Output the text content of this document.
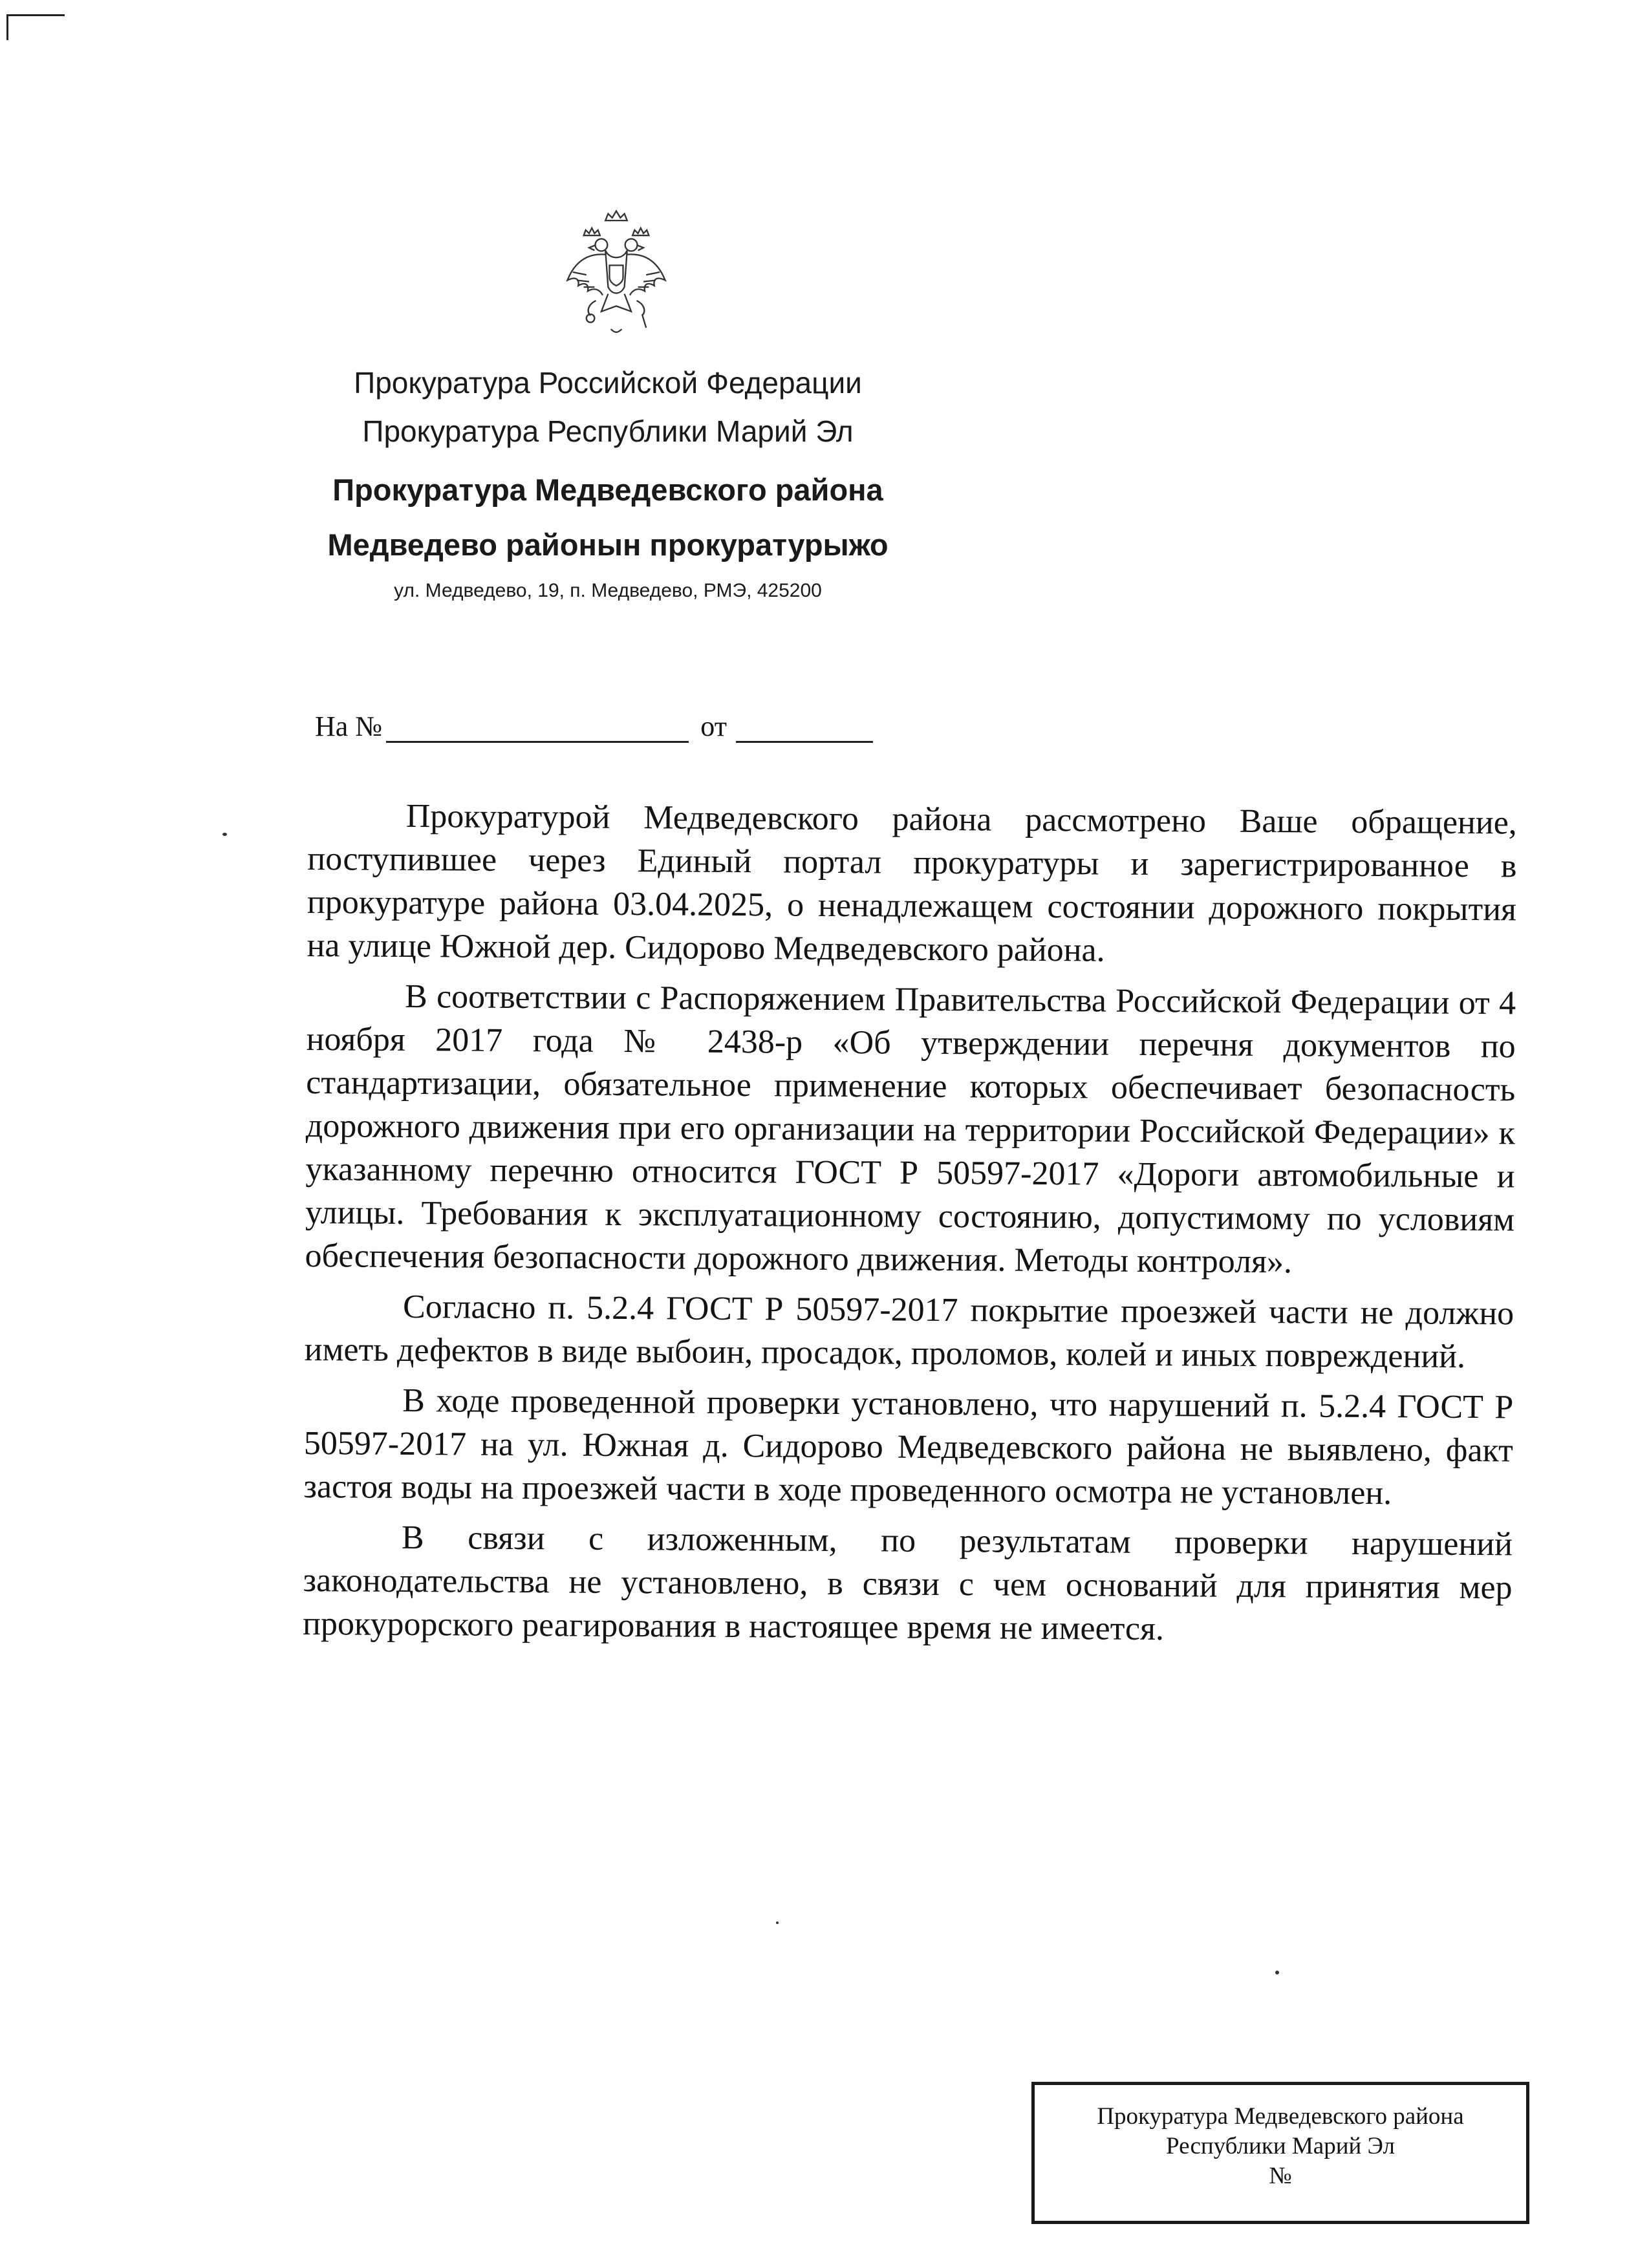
Прокуратура Российской Федерации
Прокуратура Республики Марий Эл
Прокуратура Медведевского района
Медведево районын прокуратурыжо
ул. Медведево, 19, п. Медведево, РМЭ, 425200
На №	от

Прокуратурой Медведевского района рассмотрено Ваше обращение, поступившее через Единый портал прокуратуры и зарегистрированное в прокуратуре района 03.04.2025, о ненадлежащем состоянии дорожного покрытия на улице Южной дер. Сидорово Медведевского района.

В соответствии с Распоряжением Правительства Российской Федерации от 4 ноября 2017 года № 2438-р «Об утверждении перечня документов по стандартизации, обязательное применение которых обеспечивает безопасность дорожного движения при его организации на территории Российской Федерации» к указанному перечню относится ГОСТ Р 50597-2017 «Дороги автомобильные и улицы. Требования к эксплуатационному состоянию, допустимому по условиям обеспечения безопасности дорожного движения. Методы контроля».

Согласно п. 5.2.4 ГОСТ Р 50597-2017 покрытие проезжей части не должно иметь дефектов в виде выбоин, просадок, проломов, колей и иных повреждений.

В ходе проведенной проверки установлено, что нарушений п. 5.2.4 ГОСТ Р 50597-2017 на ул. Южная д. Сидорово Медведевского района не выявлено, факт застоя воды на проезжей части в ходе проведенного осмотра не установлен.

В связи с изложенным, по результатам проверки нарушений законодательства не установлено, в связи с чем оснований для принятия мер прокурорского реагирования в настоящее время не имеется.

Прокуратура Медведевского района
Республики Марий Эл
№
